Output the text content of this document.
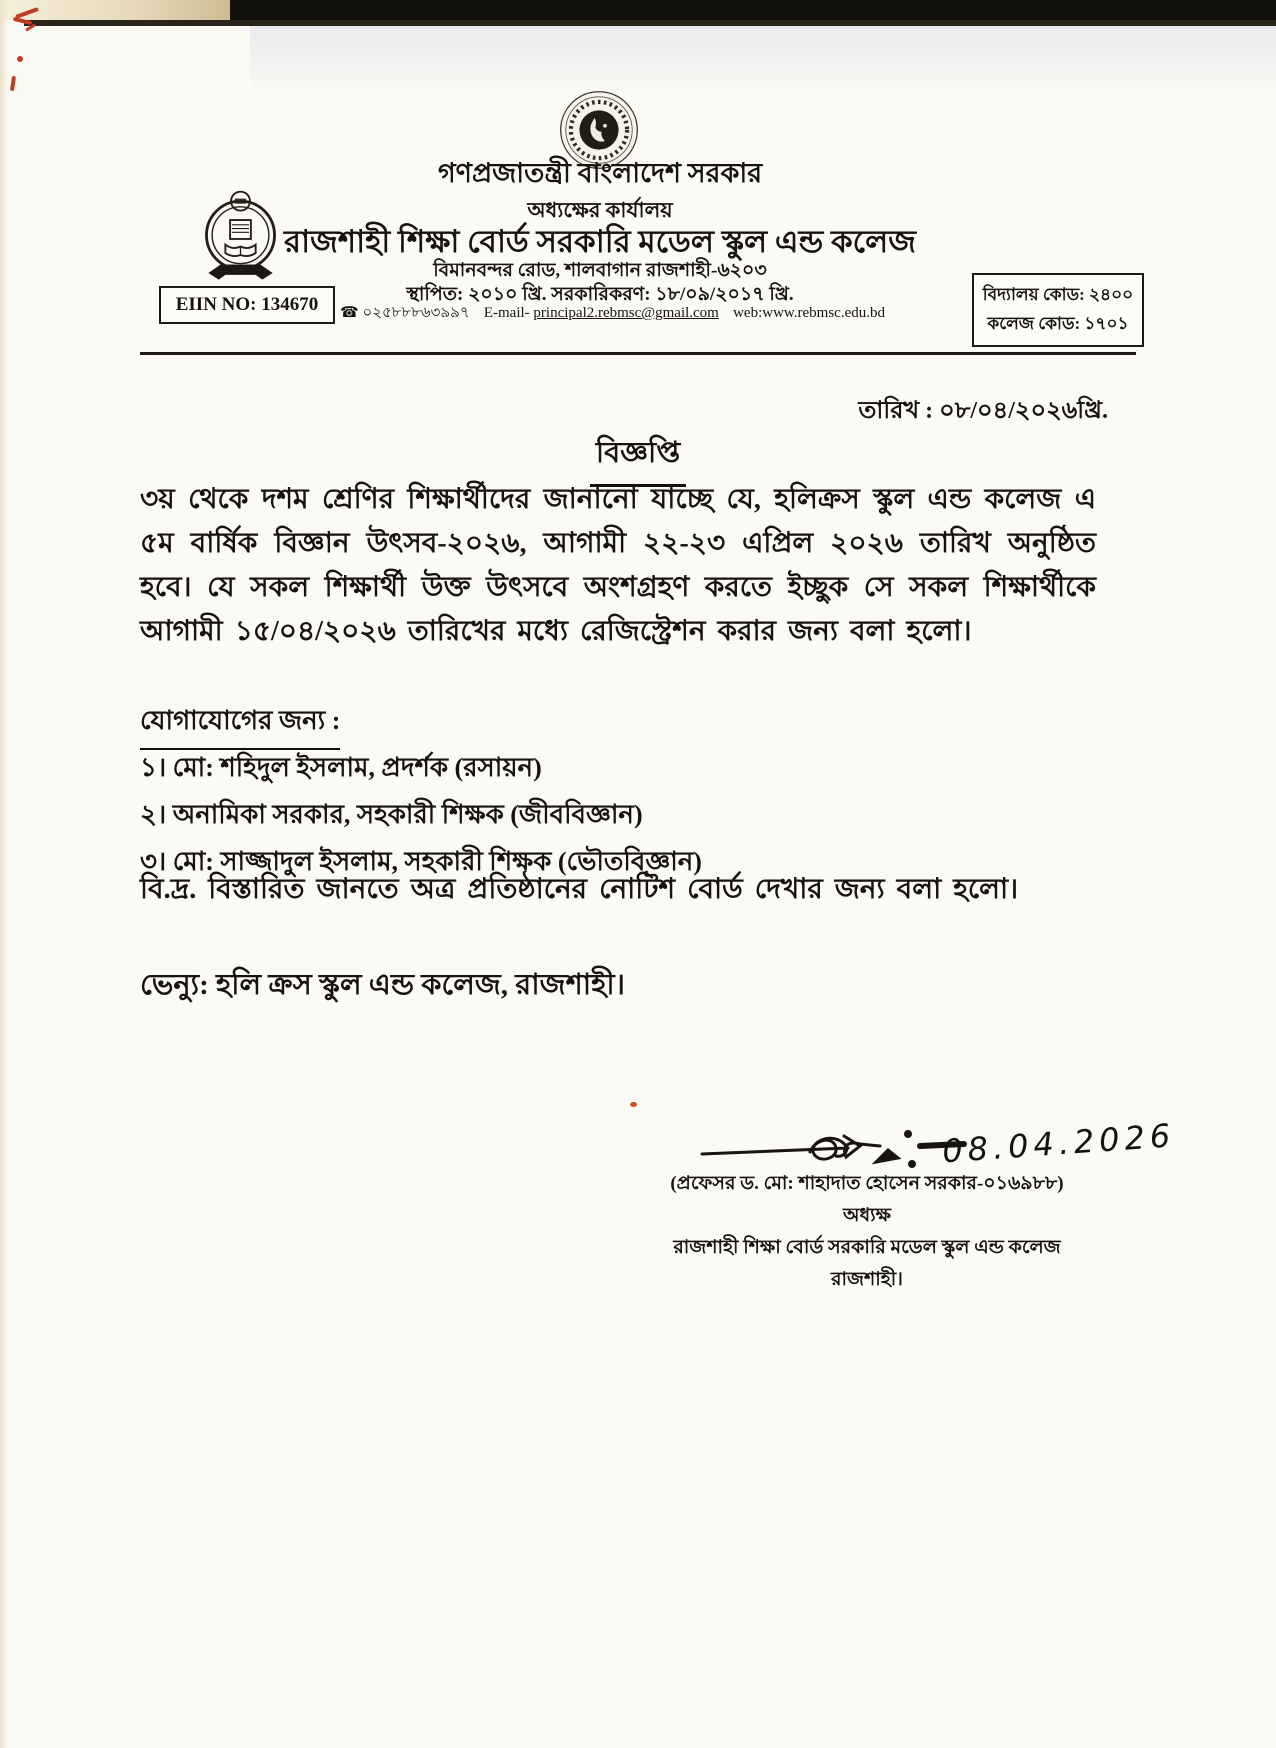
গণপ্রজাতন্ত্রী বাংলাদেশ সরকার
অধ্যক্ষের কার্যালয়
রাজশাহী শিক্ষা বোর্ড সরকারি মডেল স্কুল এন্ড কলেজ
বিমানবন্দর রোড, শালবাগান রাজশাহী-৬২০৩
স্থাপিত: ২০১০ খ্রি. সরকারিকরণ: ১৮/০৯/২০১৭ খ্রি.
☎ ০২৫৮৮৮৬৩৯৯৭ E-mail- principal2.rebmsc@gmail.com web:www.rebmsc.edu.bd
EIIN NO: 134670	বিদ্যালয় কোড: ২৪০০
কলেজ কোড: ১৭০১
তারিখ : ০৮/০৪/২০২৬খ্রি.
বিজ্ঞপ্তি
৩য় থেকে দশম শ্রেণির শিক্ষার্থীদের জানানো যাচ্ছে যে, হলিক্রস স্কুল এন্ড কলেজ এ ৫ম বার্ষিক বিজ্ঞান উৎসব-২০২৬, আগামী ২২-২৩ এপ্রিল ২০২৬ তারিখ অনুষ্ঠিত হবে। যে সকল শিক্ষার্থী উক্ত উৎসবে অংশগ্রহণ করতে ইচ্ছুক সে সকল শিক্ষার্থীকে আগামী ১৫/০৪/২০২৬ তারিখের মধ্যে রেজিস্ট্রেশন করার জন্য বলা হলো।
যোগাযোগের জন্য :
১। মো: শহিদুল ইসলাম, প্রদর্শক (রসায়ন)
২। অনামিকা সরকার, সহকারী শিক্ষক (জীববিজ্ঞান)
৩। মো: সাজ্জাদুল ইসলাম, সহকারী শিক্ষক (ভৌতবিজ্ঞান)
বি.দ্র. বিস্তারিত জানতে অত্র প্রতিষ্ঠানের নোটিশ বোর্ড দেখার জন্য বলা হলো।
ভেন্যু: হলি ক্রস স্কুল এন্ড কলেজ, রাজশাহী।
08.04.2026
(প্রফেসর ড. মো: শাহাদাত হোসেন সরকার-০১৬৯৮৮)
অধ্যক্ষ
রাজশাহী শিক্ষা বোর্ড সরকারি মডেল স্কুল এন্ড কলেজ
রাজশাহী।
